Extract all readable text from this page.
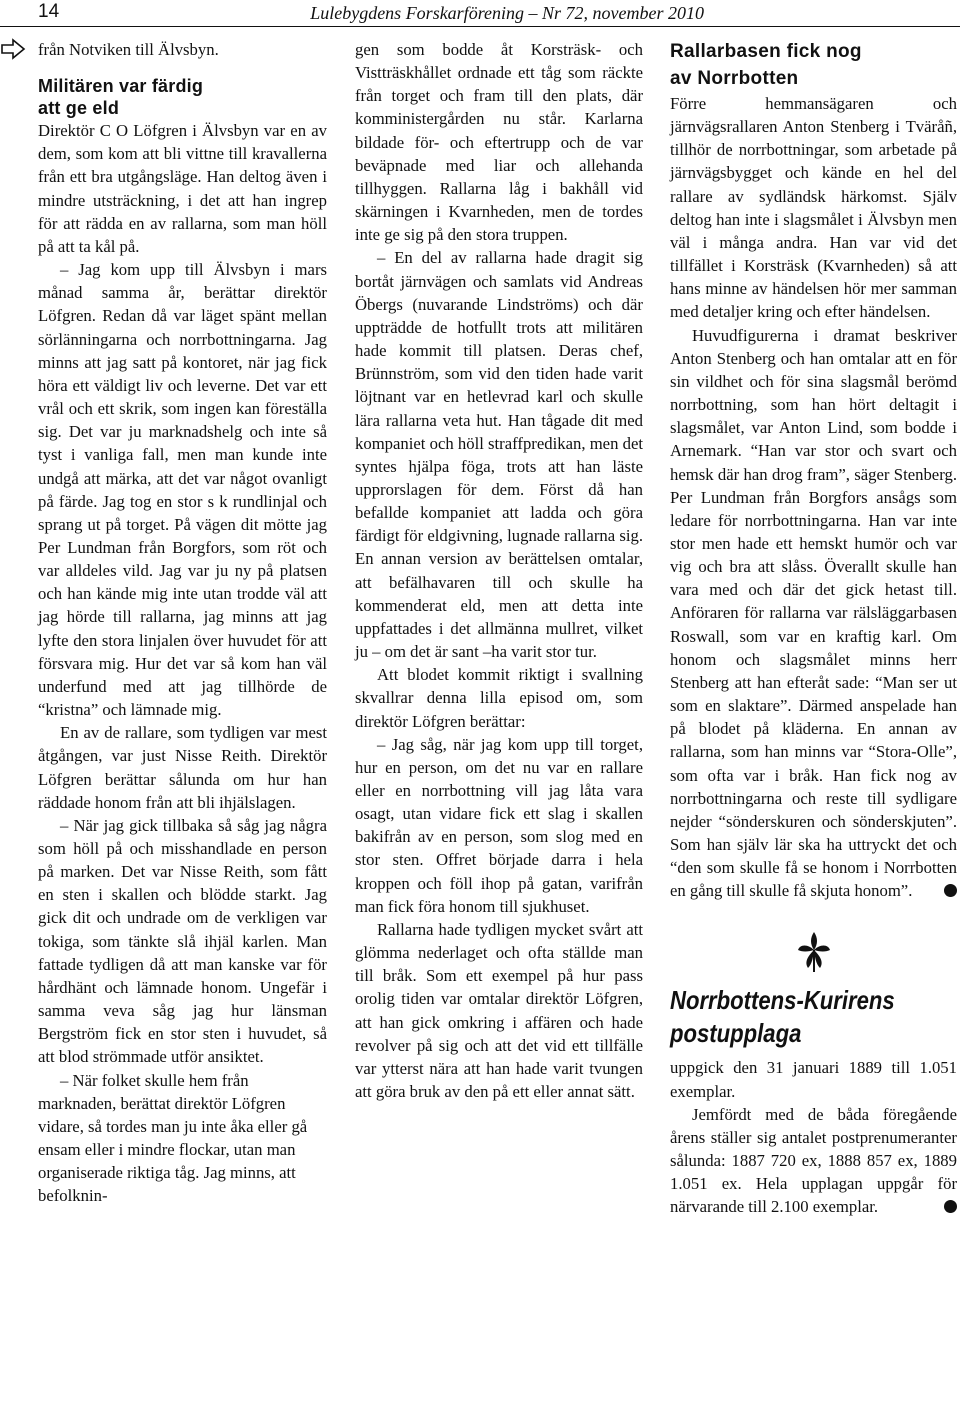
14	Lulebygdens Forskarförening – Nr 72, november 2010

från Notviken till Älvsbyn.

Militären var färdig
att ge eld

Direktör C O Löfgren i Älvsbyn var en av dem, som kom att bli vittne till kravallerna från ett bra utgångsläge. Han deltog även i mindre utsträckning, i det att han ingrep för att rädda en av rallarna, som man höll på att ta kål på.

– Jag kom upp till Älvsbyn i mars månad samma år, berättar direktör Löfgren. Redan då var läget spänt mellan sörlänningarna och norrbottningarna. Jag minns att jag satt på kontoret, när jag fick höra ett väldigt liv och leverne. Det var ett vrål och ett skrik, som ingen kan föreställa sig. Det var ju marknadshelg och inte så tyst i vanliga fall, men man kunde inte undgå att märka, att det var något ovanligt på färde. Jag tog en stor s k rundlinjal och sprang ut på torget. På vägen dit mötte jag Per Lundman från Borgfors, som röt och var alldeles vild. Jag var ju ny på platsen och han kände mig inte utan trodde väl att jag hörde till rallarna, jag minns att jag lyfte den stora linjalen över huvudet för att försvara mig. Hur det var så kom han väl underfund med att jag tillhörde de “kristna” och lämnade mig.

En av de rallare, som tydligen var mest åtgången, var just Nisse Reith. Direktör Löfgren berättar sålunda om hur han räddade honom från att bli ihjälslagen.

– När jag gick tillbaka så såg jag några som höll på och misshandlade en person på marken. Det var Nisse Reith, som fått en sten i skallen och blödde starkt. Jag gick dit och undrade om de verkligen var tokiga, som tänkte slå ihjäl karlen. Man fattade tydligen då att man kanske var för hårdhänt och lämnade honom. Ungefär i samma veva såg jag hur länsman Bergström fick en stor sten i huvudet, så att blod strömmade utför ansiktet.

– När folket skulle hem från marknaden, berättat direktör Löfgren vidare, så tordes man ju inte åka eller gå ensam eller i mindre flockar, utan man organiserade riktiga tåg. Jag minns, att befolknin-

gen som bodde åt Korsträsk- och Vistträskhållet ordnade ett tåg som räckte från torget och fram till den plats, där komministergården nu står. Karlarna bildade för- och eftertrupp och de var beväpnade med liar och allehanda tillhyggen. Rallarna låg i bakhåll vid skärningen i Kvarnheden, men de tordes inte ge sig på den stora truppen.

– En del av rallarna hade dragit sig bortåt järnvägen och samlats vid Andreas Öbergs (nuvarande Lindströms) och där uppträdde de hotfullt trots att militären hade kommit till platsen. Deras chef, Brünnström, som vid den tiden hade varit löjtnant var en hetlevrad karl och skulle lära rallarna veta hut. Han tågade dit med kompaniet och höll straffpredikan, men det syntes hjälpa föga, trots att han läste upprorslagen för dem. Först då han befallde kompaniet att ladda och göra färdigt för eldgivning, lugnade rallarna sig. En annan version av berättelsen omtalar, att befälhavaren till och skulle ha kommenderat eld, men att detta inte uppfattades i det allmänna mullret, vilket ju – om det är sant –ha varit stor tur.

Att blodet kommit riktigt i svallning skvallrar denna lilla episod om, som direktör Löfgren berättar:

– Jag såg, när jag kom upp till torget, hur en person, om det nu var en rallare eller en norrbottning vill jag låta vara osagt, utan vidare fick ett slag i skallen bakifrån av en person, som slog med en stor sten. Offret började darra i hela kroppen och föll ihop på gatan, varifrån man fick föra honom till sjukhuset.

Rallarna hade tydligen mycket svårt att glömma nederlaget och ofta ställde man till bråk. Som ett exempel på hur pass orolig tiden var omtalar direktör Löfgren, att han gick omkring i affären och hade revolver på sig och att det vid ett tillfälle var ytterst nära att han hade varit tvungen att göra bruk av den på ett eller annat sätt.

Rallarbasen fick nog
av Norrbotten

Förre hemmansägaren och järnvägsrallaren Anton Stenberg i Tväråñ, tillhör de norrbottningar, som arbetade på järnvägsbygget och kände en hel del rallare av sydländsk härkomst. Själv deltog han inte i slagsmålet i Älvsbyn men väl i många andra. Han var vid det tillfället i Korsträsk (Kvarnheden) så att hans minne av händelsen hör mer samman med detaljer kring och efter händelsen.

Huvudfigurerna i dramat beskriver Anton Stenberg och han omtalar att en för sin vildhet och för sina slagsmål berömd norrbottning, som han hört deltagit i slagsmålet, var Anton Lind, som bodde i Arnemark. “Han var stor och svart och hemsk där han drog fram”, säger Stenberg. Per Lundman från Borgfors ansågs som ledare för norrbottningarna. Han var inte stor men hade ett hemskt humör och var vig och bra att slåss. Överallt skulle han vara med och där det gick hetast till. Anföraren för rallarna var rälsläggarbasen Roswall, som var en kraftig karl. Om honom och slagsmålet minns herr Stenberg att han efteråt sade: “Man ser ut som en slaktare”. Därmed anspelade han på blodet på kläderna. En annan av rallarna, som han minns var “Stora-Olle”, som ofta var i bråk. Han fick nog av norrbottningarna och reste till sydligare nejder “sönderskuren och sönderskjuten”. Som han själv lär ska ha uttryckt det och “den som skulle få se honom i Norrbotten en gång till skulle få skjuta honom”.

Norrbottens-Kurirens
postupplaga

uppgick den 31 januari 1889 till 1.051 exemplar.

Jemfördt med de båda föregående årens ställer sig antalet postprenumeranter sålunda: 1887 720 ex, 1888 857 ex, 1889 1.051 ex. Hela upplagan uppgår för närvarande till 2.100 exemplar.
